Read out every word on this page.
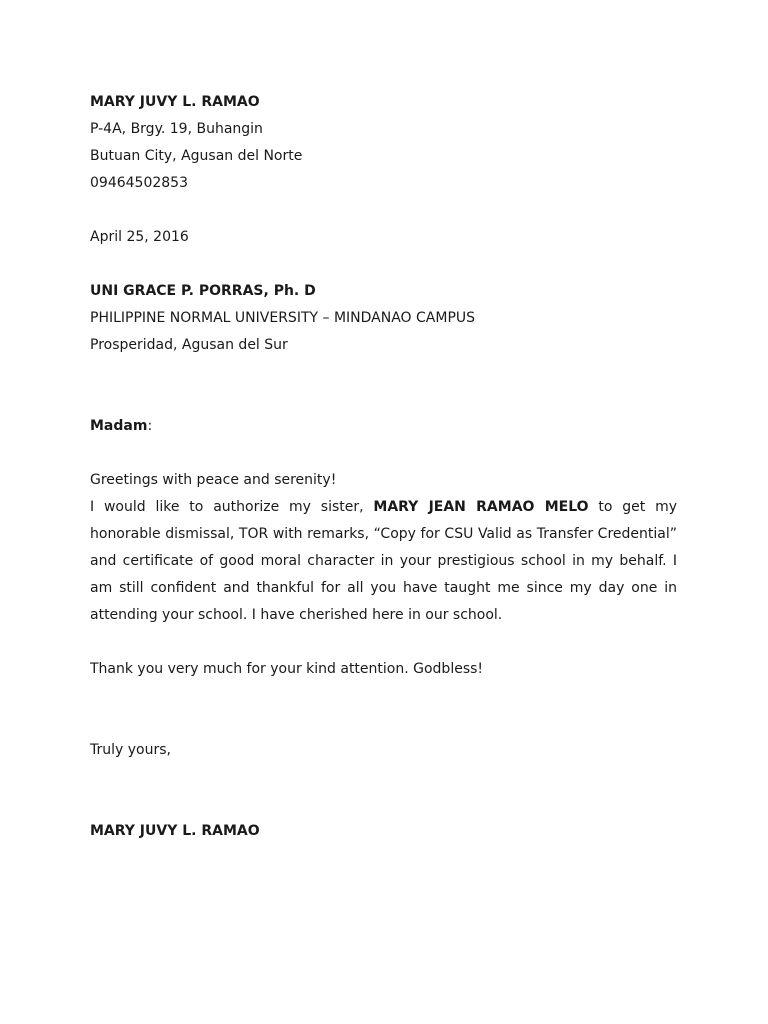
MARY JUVY L. RAMAO
P-4A, Brgy. 19, Buhangin
Butuan City, Agusan del Norte
09464502853
April 25, 2016
UNI GRACE P. PORRAS, Ph. D
PHILIPPINE NORMAL UNIVERSITY – MINDANAO CAMPUS
Prosperidad, Agusan del Sur
Madam:
Greetings with peace and serenity!

I would like to authorize my sister, MARY JEAN RAMAO MELO to get my honorable dismissal, TOR with remarks, “Copy for CSU Valid as Transfer Credential” and certificate of good moral character in your prestigious school in my behalf. I am still confident and thankful for all you have taught me since my day one in attending your school. I have cherished here in our school.

Thank you very much for your kind attention. Godbless!
Truly yours,
MARY JUVY L. RAMAO
